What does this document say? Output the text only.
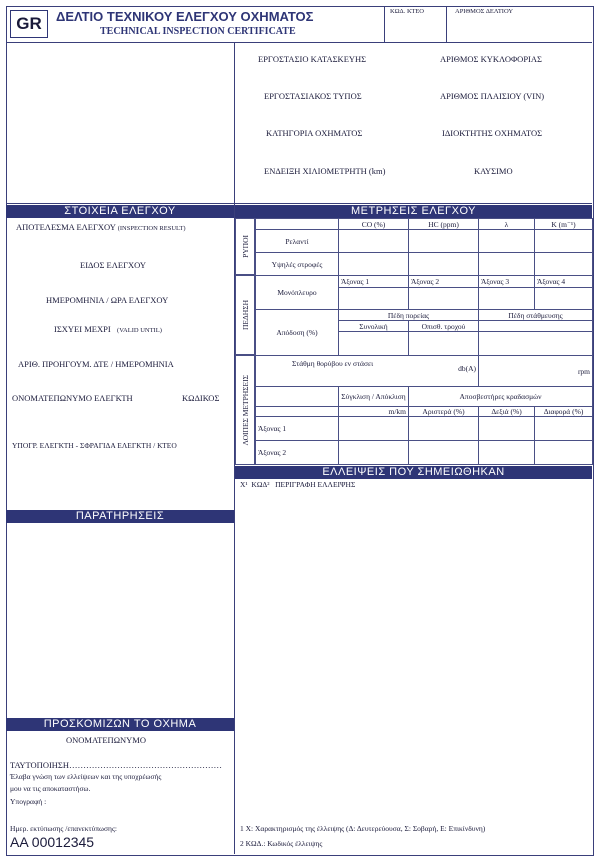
GR	ΔΕΛΤΙΟ ΤΕΧΝΙΚΟΥ ΕΛΕΓΧΟΥ ΟΧΗΜΑΤΟΣ
TECHNICAL INSPECTION CERTIFICATE
ΚΩΔ. ΚΤΕΟ	ΑΡΙΘΜΟΣ ΔΕΛΤΙΟΥ
ΕΡΓΟΣΤΑΣΙΟ ΚΑΤΑΣΚΕΥΗΣ	ΑΡΙΘΜΟΣ ΚΥΚΛΟΦΟΡΙΑΣ
ΕΡΓΟΣΤΑΣΙΑΚΟΣ ΤΥΠΟΣ	ΑΡΙΘΜΟΣ ΠΛΑΙΣΙΟΥ (VIN)
ΚΑΤΗΓΟΡΙΑ ΟΧΗΜΑΤΟΣ	ΙΔΙΟΚΤΗΤΗΣ ΟΧΗΜΑΤΟΣ
ΕΝΔΕΙΞΗ ΧΙΛΙΟΜΕΤΡΗΤΗ (km)	ΚΑΥΣΙΜΟ
ΣΤΟΙΧΕΙΑ ΕΛΕΓΧΟΥ	ΜΕΤΡΗΣΕΙΣ ΕΛΕΓΧΟΥ
ΑΠΟΤΕΛΕΣΜΑ ΕΛΕΓΧΟΥ (INSPECTION RESULT)
ΕΙΔΟΣ ΕΛΕΓΧΟΥ
ΗΜΕΡΟΜΗΝΙΑ / ΩΡΑ ΕΛΕΓΧΟΥ
ΙΣΧΥΕΙ ΜΕΧΡΙ (VALID UNTIL)
ΑΡΙΘ. ΠΡΟΗΓΟΥΜ. ΔΤΕ / ΗΜΕΡΟΜΗΝΙΑ
ΟΝΟΜΑΤΕΠΩΝΥΜΟ ΕΛΕΓΚΤΗ	ΚΩΔΙΚΟΣ
ΥΠΟΓΡ. ΕΛΕΓΚΤΗ - ΣΦΡΑΓΙΔΑ ΕΛΕΓΚΤΗ / ΚΤΕΟ
ΡΥΠΟΙ
	CO (%)	HC (ppm)	λ	K (m⁻¹)
Ρελαντί				
Υψηλές στροφές				
ΠΕΔΗΣΗ
Μονόπλευρο	Άξονας 1	Άξονας 2	Άξονας 3	Άξονας 4

Απόδοση (%)	Πέδη πορείας		Πέδη στάθμευσης	
	Συνολική	Οπισθ. τροχού		

ΛΟΙΠΕΣ ΜΕΤΡΗΣΕΙΣ
Στάθμη θορύβου εν στάσει
db(A)			rpm	
	Σύγκλιση / Απόκλιση	Αποσβεστήρες κραδασμών		
	m/km	Αριστερά (%)	Δεξιά (%)	Διαφορά (%)
Άξονας 1				
Άξονας 2				
ΕΛΛΕΙΨΕΙΣ ΠΟΥ ΣΗΜΕΙΩΘΗΚΑΝ
X¹ ΚΩΔ² ΠΕΡΙΓΡΑΦΗ ΕΛΛΕΙΨΗΣ
1 X: Χαρακτηρισμός της έλλειψης (Δ: Δευτερεύουσα, Σ: Σοβαρή, Ε: Επικίνδυνη)
2 ΚΩΔ.: Κωδικός έλλειψης
ΠΑΡΑΤΗΡΗΣΕΙΣ
ΠΡΟΣΚΟΜΙΖΩΝ ΤΟ ΟΧΗΜΑ
ΟΝΟΜΑΤΕΠΩΝΥΜΟ
ΤΑΥΤΟΠΟΙΗΣΗ………………………………………………
Έλαβα γνώση των ελλείψεων και της υποχρέωσής
μου να τις αποκαταστήσω.
Υπογραφή :
Ημερ. εκτύπωσης /επανεκτύπωσης:
AA 00012345
